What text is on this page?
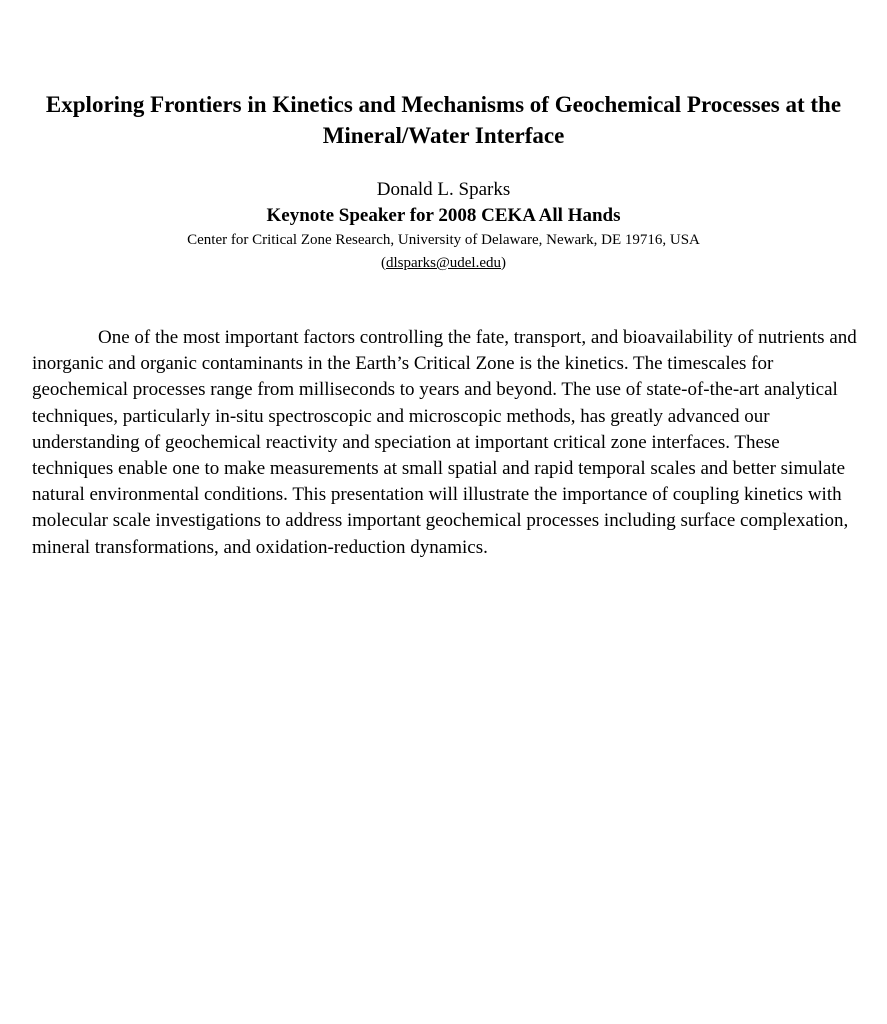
Exploring Frontiers in Kinetics and Mechanisms of Geochemical Processes at the Mineral/Water Interface

Donald L. Sparks

Keynote Speaker for 2008 CEKA All Hands

Center for Critical Zone Research, University of Delaware, Newark, DE 19716, USA

(dlsparks@udel.edu)

One of the most important factors controlling the fate, transport, and bioavailability of nutrients and inorganic and organic contaminants in the Earth’s Critical Zone is the kinetics. The timescales for geochemical processes range from milliseconds to years and beyond. The use of state-of-the-art analytical techniques, particularly in-situ spectroscopic and microscopic methods, has greatly advanced our understanding of geochemical reactivity and speciation at important critical zone interfaces. These techniques enable one to make measurements at small spatial and rapid temporal scales and better simulate natural environmental conditions. This presentation will illustrate the importance of coupling kinetics with molecular scale investigations to address important geochemical processes including surface complexation, mineral transformations, and oxidation-reduction dynamics.
